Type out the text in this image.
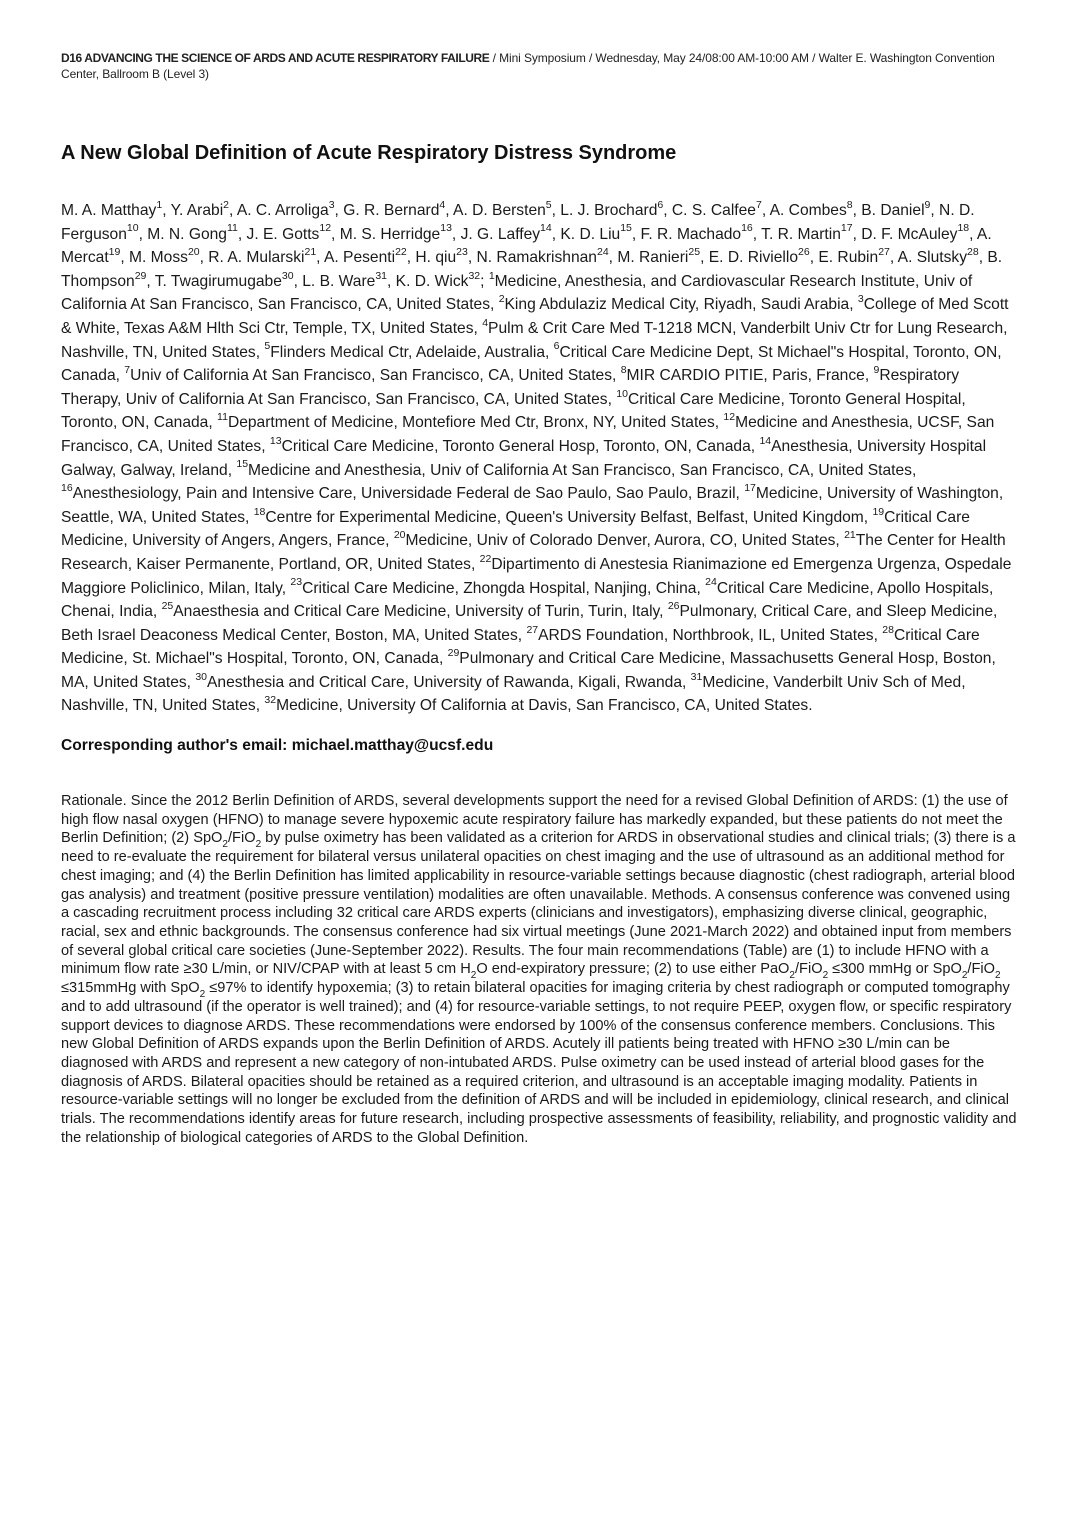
D16 ADVANCING THE SCIENCE OF ARDS AND ACUTE RESPIRATORY FAILURE / Mini Symposium / Wednesday, May 24/08:00 AM-10:00 AM / Walter E. Washington Convention Center, Ballroom B (Level 3)
A New Global Definition of Acute Respiratory Distress Syndrome
M. A. Matthay$^1$, Y. Arabi$^2$, A. C. Arroliga$^3$, G. R. Bernard$^4$, A. D. Bersten$^5$, L. J. Brochard$^6$, C. S. Calfee$^7$, A. Combes$^8$, B. Daniel$^9$, N. D. Ferguson$^{10}$, M. N. Gong$^{11}$, J. E. Gotts$^{12}$, M. S. Herridge$^{13}$, J. G. Laffey$^{14}$, K. D. Liu$^{15}$, F. R. Machado$^{16}$, T. R. Martin$^{17}$, D. F. McAuley$^{18}$, A. Mercat$^{19}$, M. Moss$^{20}$, R. A. Mularski$^{21}$, A. Pesenti$^{22}$, H. qiu$^{23}$, N. Ramakrishnan$^{24}$, M. Ranieri$^{25}$, E. D. Riviello$^{26}$, E. Rubin$^{27}$, A. Slutsky$^{28}$, B. Thompson$^{29}$, T. Twagirumugabe$^{30}$, L. B. Ware$^{31}$, K. D. Wick$^{32}$; $^1$Medicine, Anesthesia, and Cardiovascular Research Institute, Univ of California At San Francisco, San Francisco, CA, United States, $^2$King Abdulaziz Medical City, Riyadh, Saudi Arabia, $^3$College of Med Scott & White, Texas A&M Hlth Sci Ctr, Temple, TX, United States, $^4$Pulm & Crit Care Med T-1218 MCN, Vanderbilt Univ Ctr for Lung Research, Nashville, TN, United States, $^5$Flinders Medical Ctr, Adelaide, Australia, $^6$Critical Care Medicine Dept, St Michael"s Hospital, Toronto, ON, Canada, $^7$Univ of California At San Francisco, San Francisco, CA, United States, $^8$MIR CARDIO PITIE, Paris, France, $^9$Respiratory Therapy, Univ of California At San Francisco, San Francisco, CA, United States, $^{10}$Critical Care Medicine, Toronto General Hospital, Toronto, ON, Canada, $^{11}$Department of Medicine, Montefiore Med Ctr, Bronx, NY, United States, $^{12}$Medicine and Anesthesia, UCSF, San Francisco, CA, United States, $^{13}$Critical Care Medicine, Toronto General Hosp, Toronto, ON, Canada, $^{14}$Anesthesia, University Hospital Galway, Galway, Ireland, $^{15}$Medicine and Anesthesia, Univ of California At San Francisco, San Francisco, CA, United States, $^{16}$Anesthesiology, Pain and Intensive Care, Universidade Federal de Sao Paulo, Sao Paulo, Brazil, $^{17}$Medicine, University of Washington, Seattle, WA, United States, $^{18}$Centre for Experimental Medicine, Queen's University Belfast, Belfast, United Kingdom, $^{19}$Critical Care Medicine, University of Angers, Angers, France, $^{20}$Medicine, Univ of Colorado Denver, Aurora, CO, United States, $^{21}$The Center for Health Research, Kaiser Permanente, Portland, OR, United States, $^{22}$Dipartimento di Anestesia Rianimazione ed Emergenza Urgenza, Ospedale Maggiore Policlinico, Milan, Italy, $^{23}$Critical Care Medicine, Zhongda Hospital, Nanjing, China, $^{24}$Critical Care Medicine, Apollo Hospitals, Chenai, India, $^{25}$Anaesthesia and Critical Care Medicine, University of Turin, Turin, Italy, $^{26}$Pulmonary, Critical Care, and Sleep Medicine, Beth Israel Deaconess Medical Center, Boston, MA, United States, $^{27}$ARDS Foundation, Northbrook, IL, United States, $^{28}$Critical Care Medicine, St. Michael"s Hospital, Toronto, ON, Canada, $^{29}$Pulmonary and Critical Care Medicine, Massachusetts General Hosp, Boston, MA, United States, $^{30}$Anesthesia and Critical Care, University of Rawanda, Kigali, Rwanda, $^{31}$Medicine, Vanderbilt Univ Sch of Med, Nashville, TN, United States, $^{32}$Medicine, University Of California at Davis, San Francisco, CA, United States.
Corresponding author's email: michael.matthay@ucsf.edu
Rationale. Since the 2012 Berlin Definition of ARDS, several developments support the need for a revised Global Definition of ARDS: (1) the use of high flow nasal oxygen (HFNO) to manage severe hypoxemic acute respiratory failure has markedly expanded, but these patients do not meet the Berlin Definition; (2) SpO$_2$/FiO$_2$ by pulse oximetry has been validated as a criterion for ARDS in observational studies and clinical trials; (3) there is a need to re-evaluate the requirement for bilateral versus unilateral opacities on chest imaging and the use of ultrasound as an additional method for chest imaging; and (4) the Berlin Definition has limited applicability in resource-variable settings because diagnostic (chest radiograph, arterial blood gas analysis) and treatment (positive pressure ventilation) modalities are often unavailable. Methods. A consensus conference was convened using a cascading recruitment process including 32 critical care ARDS experts (clinicians and investigators), emphasizing diverse clinical, geographic, racial, sex and ethnic backgrounds. The consensus conference had six virtual meetings (June 2021-March 2022) and obtained input from members of several global critical care societies (June-September 2022). Results. The four main recommendations (Table) are (1) to include HFNO with a minimum flow rate ≥30 L/min, or NIV/CPAP with at least 5 cm $H_2O$ end-expiratory pressure; (2) to use either PaO$_2$/FiO$_2$ ≤300 mmHg or SpO$_2$/FiO$_2$ ≤315mmHg with SpO$_2$ ≤97% to identify hypoxemia; (3) to retain bilateral opacities for imaging criteria by chest radiograph or computed tomography and to add ultrasound (if the operator is well trained); and (4) for resource-variable settings, to not require PEEP, oxygen flow, or specific respiratory support devices to diagnose ARDS. These recommendations were endorsed by 100% of the consensus conference members. Conclusions. This new Global Definition of ARDS expands upon the Berlin Definition of ARDS. Acutely ill patients being treated with HFNO ≥30 L/min can be diagnosed with ARDS and represent a new category of non-intubated ARDS. Pulse oximetry can be used instead of arterial blood gases for the diagnosis of ARDS. Bilateral opacities should be retained as a required criterion, and ultrasound is an acceptable imaging modality. Patients in resource-variable settings will no longer be excluded from the definition of ARDS and will be included in epidemiology, clinical research, and clinical trials. The recommendations identify areas for future research, including prospective assessments of feasibility, reliability, and prognostic validity and the relationship of biological categories of ARDS to the Global Definition.
